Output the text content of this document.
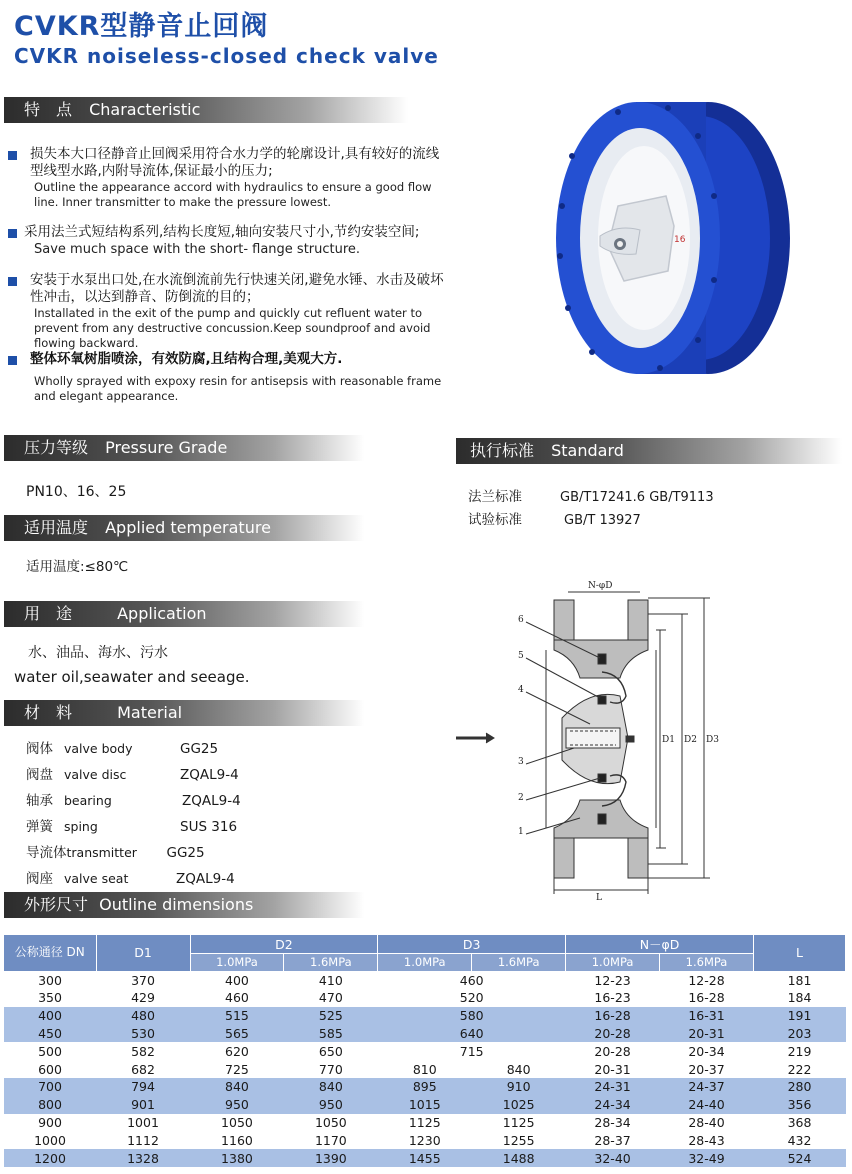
CVKR型静音止回阀
CVKR noiseless-closed check valve
特　点 Characteristic
损失本大口径静音止回阀采用符合水力学的轮廓设计,具有较好的流线型线型水路,内附导流体,保证最小的压力;
Outline the appearance accord with hydraulics to ensure a good flow line. Inner transmitter to make the pressure lowest.
采用法兰式短结构系列,结构长度短,轴向安装尺寸小,节约安装空间;
Save much space with the short- flange structure.
安装于水泵出口处,在水流倒流前先行快速关闭,避免水锤、水击及破坏性冲击，以达到静音、防倒流的目的；
Installated in the exit of the pump and quickly cut refluent water to prevent from any destructive concussion.Keep soundproof and avoid flowing backward.
整体环氧树脂喷涂，有效防腐,且结构合理,美观大方.
Wholly sprayed with expoxy resin for antisepsis with reasonable frame and elegant appearance.
16
压力等级 Pressure Grade
PN10、16、25
适用温度 Applied temperature
适用温度:≤80℃
用　途	Application
水、油品、海水、污水
water oil,seawater and seeage.
材　料	Material
阀体 valve body	GG25
阀盘 valve disc	ZQAL9-4
轴承 bearing	ZQAL9-4
弹簧 sping	SUS 316
导流体transmitter GG25
阀座 valve seat	ZQAL9-4
执行标准 Standard
法兰标准	GB/T17241.6 GB/T9113
试验标准	GB/T 13927
N-φD
L
D1 D2 D3
6
5
4
3
2
1
外形尺寸 Outline dimensions
公称通径 DN	D1	D2		D3		N－φD		L
		1.0MPa	1.6MPa	1.0MPa	1.6MPa	1.0MPa	1.6MPa	
300	370	400	410	460		12-23	12-28	181
350	429	460	470	520		16-23	16-28	184
400	480	515	525	580		16-28	16-31	191
450	530	565	585	640		20-28	20-31	203
500	582	620	650	715		20-28	20-34	219
600	682	725	770	810	840	20-31	20-37	222
700	794	840	840	895	910	24-31	24-37	280
800	901	950	950	1015	1025	24-34	24-40	356
900	1001	1050	1050	1125	1125	28-34	28-40	368
1000	1112	1160	1170	1230	1255	28-37	28-43	432
1200	1328	1380	1390	1455	1488	32-40	32-49	524
